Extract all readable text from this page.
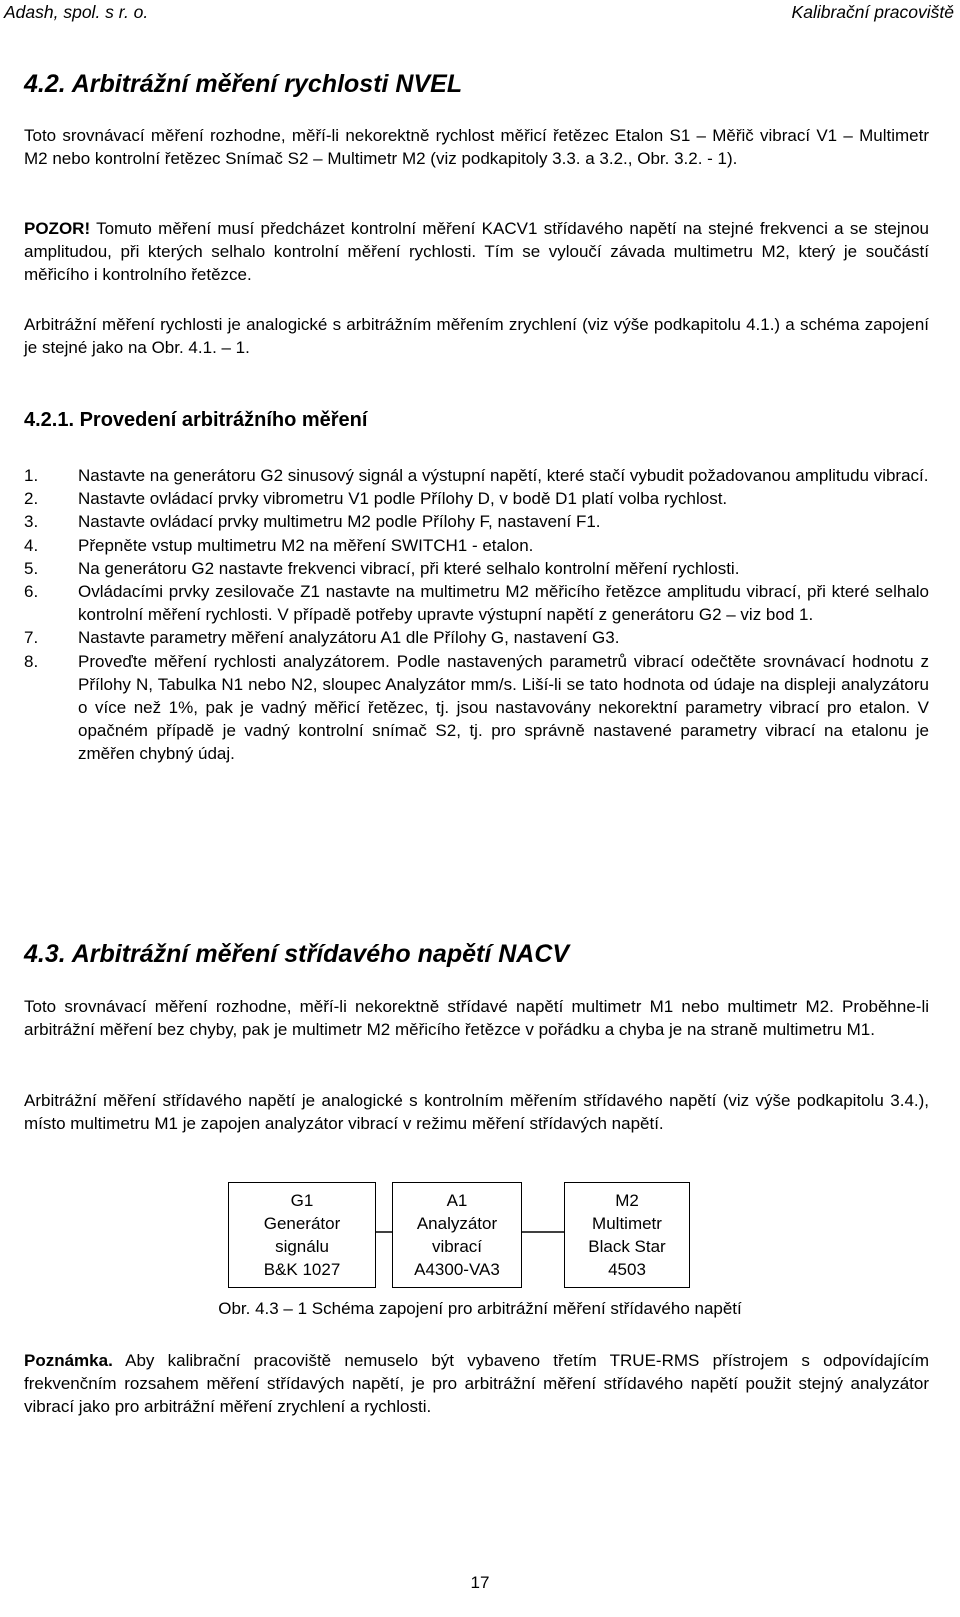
Adash, spol. s r. o.	Kalibrační pracoviště
4.2. Arbitrážní měření rychlosti NVEL

Toto srovnávací měření rozhodne, měří-li nekorektně rychlost měřicí řetězec Etalon S1 – Měřič vibrací V1 – Multimetr M2 nebo kontrolní řetězec Snímač S2 – Multimetr M2 (viz podkapitoly 3.3. a 3.2., Obr. 3.2. - 1).

POZOR! Tomuto měření musí předcházet kontrolní měření KACV1 střídavého napětí na stejné frekvenci a se stejnou amplitudou, při kterých selhalo kontrolní měření rychlosti. Tím se vyloučí závada multimetru M2, který je součástí měřicího i kontrolního řetězce.

Arbitrážní měření rychlosti je analogické s arbitrážním měřením zrychlení (viz výše podkapitolu 4.1.) a schéma zapojení je stejné jako na Obr. 4.1. – 1.

4.2.1. Provedení arbitrážního měření
1. Nastavte na generátoru G2 sinusový signál a výstupní napětí, které stačí vybudit požadovanou amplitudu vibrací.
2. Nastavte ovládací prvky vibrometru V1 podle Přílohy D, v bodě D1 platí volba rychlost.
3. Nastavte ovládací prvky multimetru M2 podle Přílohy F, nastavení F1.
4. Přepněte vstup multimetru M2 na měření SWITCH1 - etalon.
5. Na generátoru G2 nastavte frekvenci vibrací, při které selhalo kontrolní měření rychlosti.
6. Ovládacími prvky zesilovače Z1 nastavte na multimetru M2 měřicího řetězce amplitudu vibrací, při které selhalo kontrolní měření rychlosti. V případě potřeby upravte výstupní napětí z generátoru G2 – viz bod 1.
7. Nastavte parametry měření analyzátoru A1 dle Přílohy G, nastavení G3.
8. Proveďte měření rychlosti analyzátorem. Podle nastavených parametrů vibrací odečtěte srovnávací hodnotu z Přílohy N, Tabulka N1 nebo N2, sloupec Analyzátor mm/s. Liší-li se tato hodnota od údaje na displeji analyzátoru o více než 1%, pak je vadný měřicí řetězec, tj. jsou nastavovány nekorektní parametry vibrací pro etalon. V opačném případě je vadný kontrolní snímač S2, tj. pro správně nastavené parametry vibrací na etalonu je změřen chybný údaj.
4.3. Arbitrážní měření střídavého napětí NACV

Toto srovnávací měření rozhodne, měří-li nekorektně střídavé napětí multimetr M1 nebo multimetr M2. Proběhne-li arbitrážní měření bez chyby, pak je multimetr M2 měřicího řetězce v pořádku a chyba je na straně multimetru M1.

Arbitrážní měření střídavého napětí je analogické s kontrolním měřením střídavého napětí (viz výše podkapitolu 3.4.), místo multimetru M1 je zapojen analyzátor vibrací v režimu měření střídavých napětí.

G1
Generátor
signálu
B&K 1027
A1
Analyzátor
vibrací
A4300-VA3
M2
Multimetr
Black Star
4503
Obr. 4.3 – 1 Schéma zapojení pro arbitrážní měření střídavého napětí

Poznámka. Aby kalibrační pracoviště nemuselo být vybaveno třetím TRUE-RMS přístrojem s odpovídajícím frekvenčním rozsahem měření střídavých napětí, je pro arbitrážní měření střídavého napětí použit stejný analyzátor vibrací jako pro arbitrážní měření zrychlení a rychlosti.

17
